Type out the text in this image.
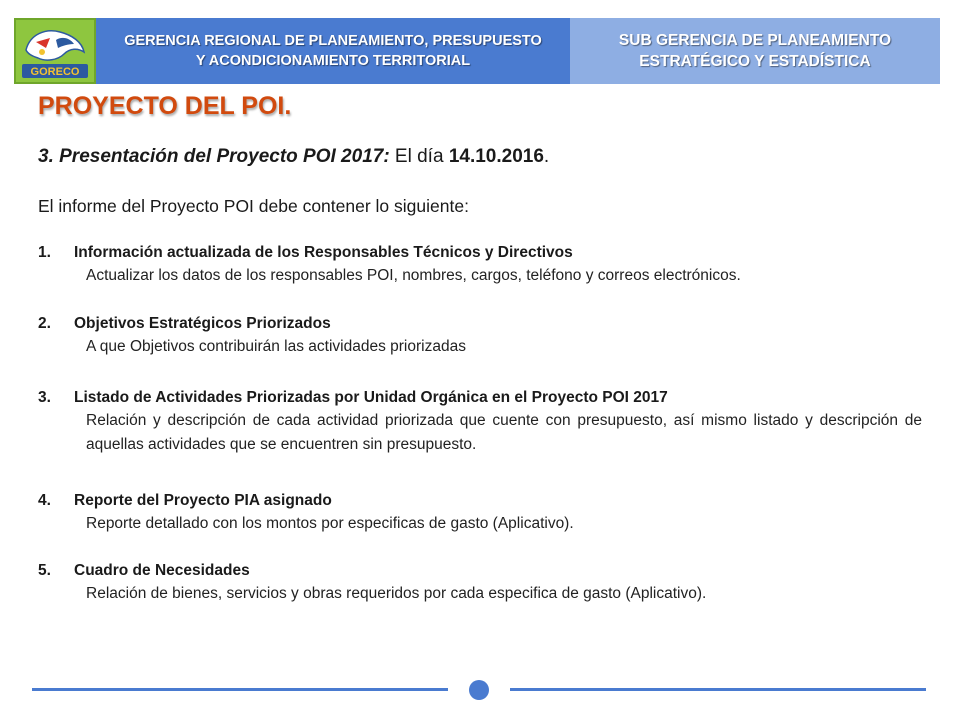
GORECO
GERENCIA REGIONAL DE PLANEAMIENTO, PRESUPUESTO
Y ACONDICIONAMIENTO TERRITORIAL
SUB GERENCIA DE PLANEAMIENTO
ESTRATÉGICO Y ESTADÍSTICA
PROYECTO DEL POI.
3. Presentación del Proyecto POI 2017: El día 14.10.2016.
El informe del Proyecto POI debe contener lo siguiente:
1.	Información actualizada de los Responsables Técnicos y Directivos
Actualizar los datos de los responsables POI, nombres, cargos, teléfono y correos electrónicos.
2.	Objetivos Estratégicos Priorizados
A que Objetivos contribuirán las actividades priorizadas
3.	Listado de Actividades Priorizadas por Unidad Orgánica en el Proyecto POI 2017
Relación y descripción de cada actividad priorizada que cuente con presupuesto, así mismo listado y descripción de aquellas actividades que se encuentren sin presupuesto.
4.	Reporte del Proyecto PIA asignado
Reporte detallado con los montos por especificas de gasto (Aplicativo).
5.	Cuadro de Necesidades
Relación de bienes, servicios y obras requeridos por cada especifica de gasto (Aplicativo).
